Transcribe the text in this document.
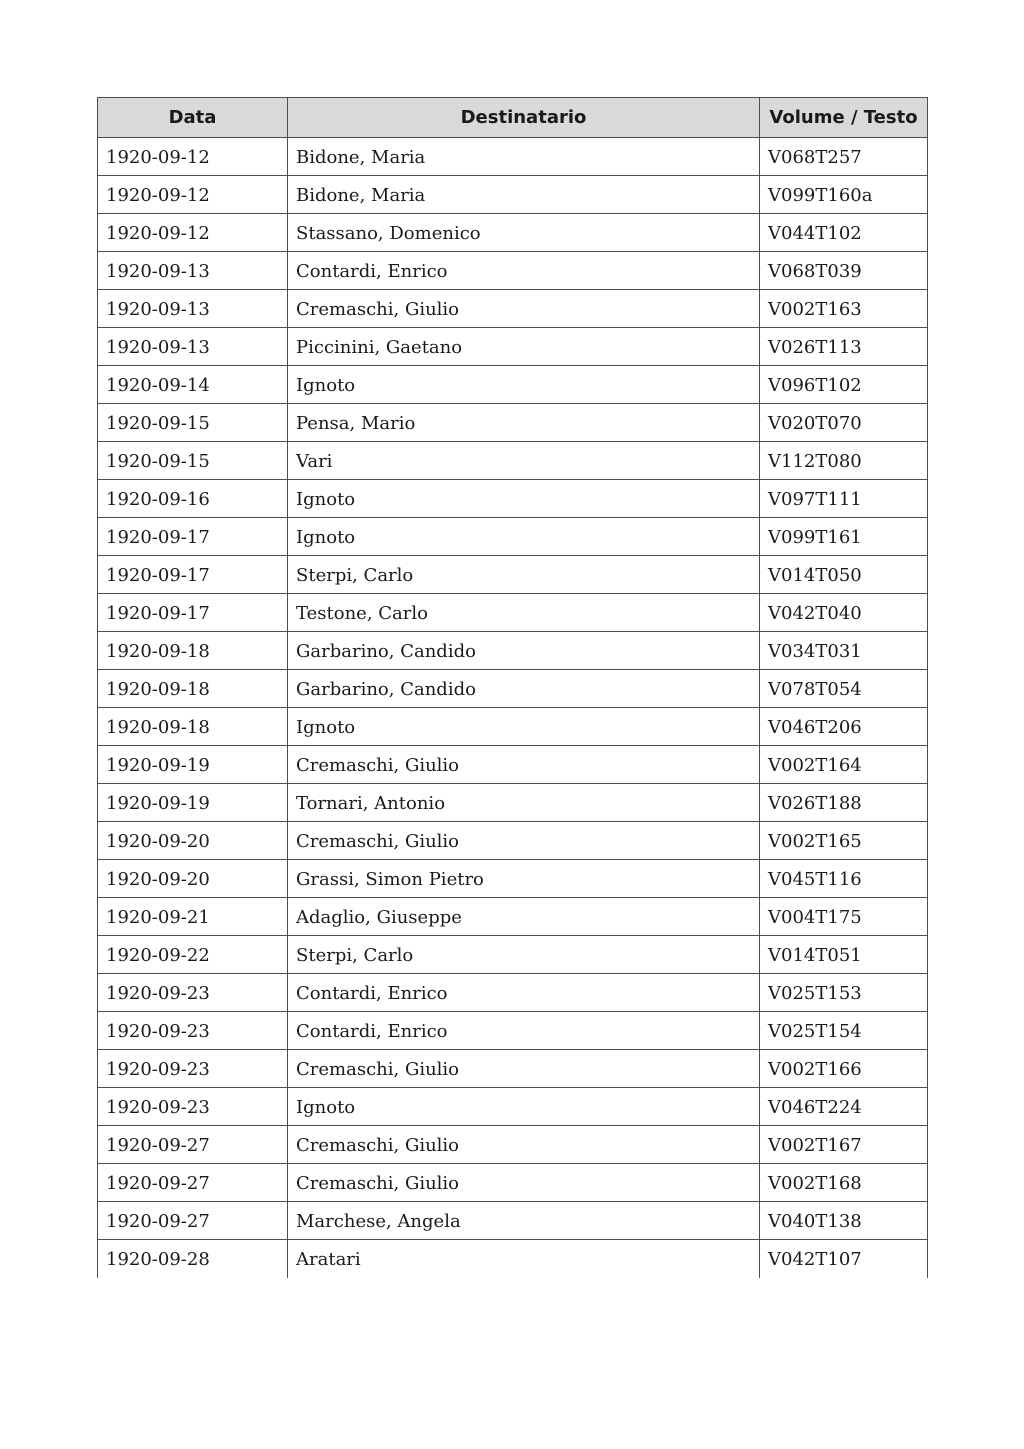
Data	Destinatario	Volume / Testo
1920-09-12	Bidone, Maria	V068T257
1920-09-12	Bidone, Maria	V099T160a
1920-09-12	Stassano, Domenico	V044T102
1920-09-13	Contardi, Enrico	V068T039
1920-09-13	Cremaschi, Giulio	V002T163
1920-09-13	Piccinini, Gaetano	V026T113
1920-09-14	Ignoto	V096T102
1920-09-15	Pensa, Mario	V020T070
1920-09-15	Vari	V112T080
1920-09-16	Ignoto	V097T111
1920-09-17	Ignoto	V099T161
1920-09-17	Sterpi, Carlo	V014T050
1920-09-17	Testone, Carlo	V042T040
1920-09-18	Garbarino, Candido	V034T031
1920-09-18	Garbarino, Candido	V078T054
1920-09-18	Ignoto	V046T206
1920-09-19	Cremaschi, Giulio	V002T164
1920-09-19	Tornari, Antonio	V026T188
1920-09-20	Cremaschi, Giulio	V002T165
1920-09-20	Grassi, Simon Pietro	V045T116
1920-09-21	Adaglio, Giuseppe	V004T175
1920-09-22	Sterpi, Carlo	V014T051
1920-09-23	Contardi, Enrico	V025T153
1920-09-23	Contardi, Enrico	V025T154
1920-09-23	Cremaschi, Giulio	V002T166
1920-09-23	Ignoto	V046T224
1920-09-27	Cremaschi, Giulio	V002T167
1920-09-27	Cremaschi, Giulio	V002T168
1920-09-27	Marchese, Angela	V040T138
1920-09-28	Aratari	V042T107
